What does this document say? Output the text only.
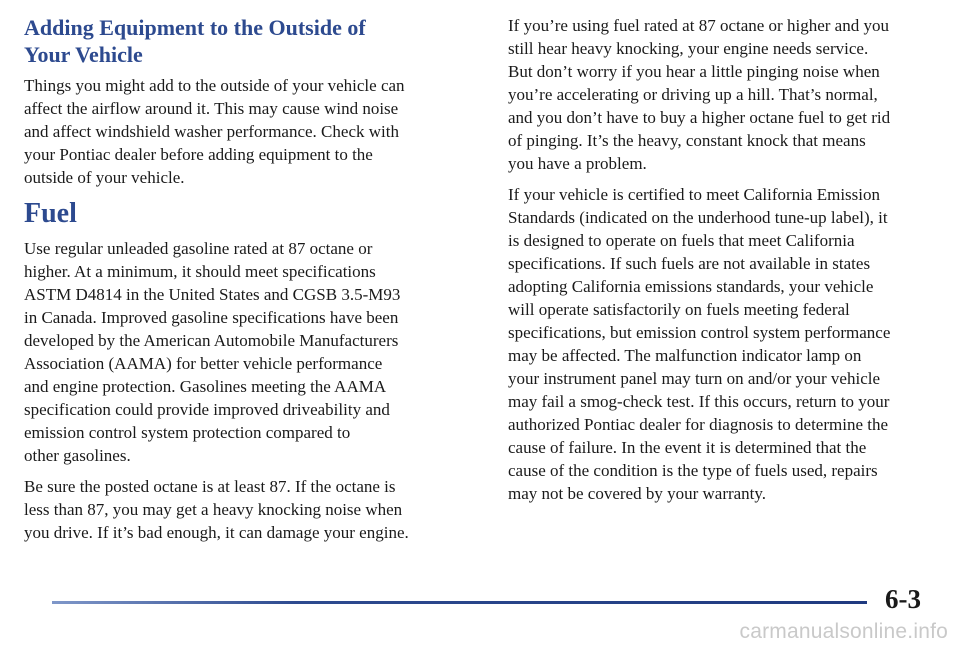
Adding Equipment to the Outside of
Your Vehicle

Things you might add to the outside of your vehicle can
affect the airflow around it. This may cause wind noise
and affect windshield washer performance. Check with
your Pontiac dealer before adding equipment to the
outside of your vehicle.

Fuel

Use regular unleaded gasoline rated at 87 octane or
higher. At a minimum, it should meet specifications
ASTM D4814 in the United States and CGSB 3.5-M93
in Canada. Improved gasoline specifications have been
developed by the American Automobile Manufacturers
Association (AAMA) for better vehicle performance
and engine protection. Gasolines meeting the AAMA
specification could provide improved driveability and
emission control system protection compared to
other gasolines.

Be sure the posted octane is at least 87. If the octane is
less than 87, you may get a heavy knocking noise when
you drive. If it’s bad enough, it can damage your engine.

If you’re using fuel rated at 87 octane or higher and you
still hear heavy knocking, your engine needs service.
But don’t worry if you hear a little pinging noise when
you’re accelerating or driving up a hill. That’s normal,
and you don’t have to buy a higher octane fuel to get rid
of pinging. It’s the heavy, constant knock that means
you have a problem.

If your vehicle is certified to meet California Emission
Standards (indicated on the underhood tune-up label), it
is designed to operate on fuels that meet California
specifications. If such fuels are not available in states
adopting California emissions standards, your vehicle
will operate satisfactorily on fuels meeting federal
specifications, but emission control system performance
may be affected. The malfunction indicator lamp on
your instrument panel may turn on and/or your vehicle
may fail a smog-check test. If this occurs, return to your
authorized Pontiac dealer for diagnosis to determine the
cause of failure. In the event it is determined that the
cause of the condition is the type of fuels used, repairs
may not be covered by your warranty.

6-3
carmanualsonline.info
